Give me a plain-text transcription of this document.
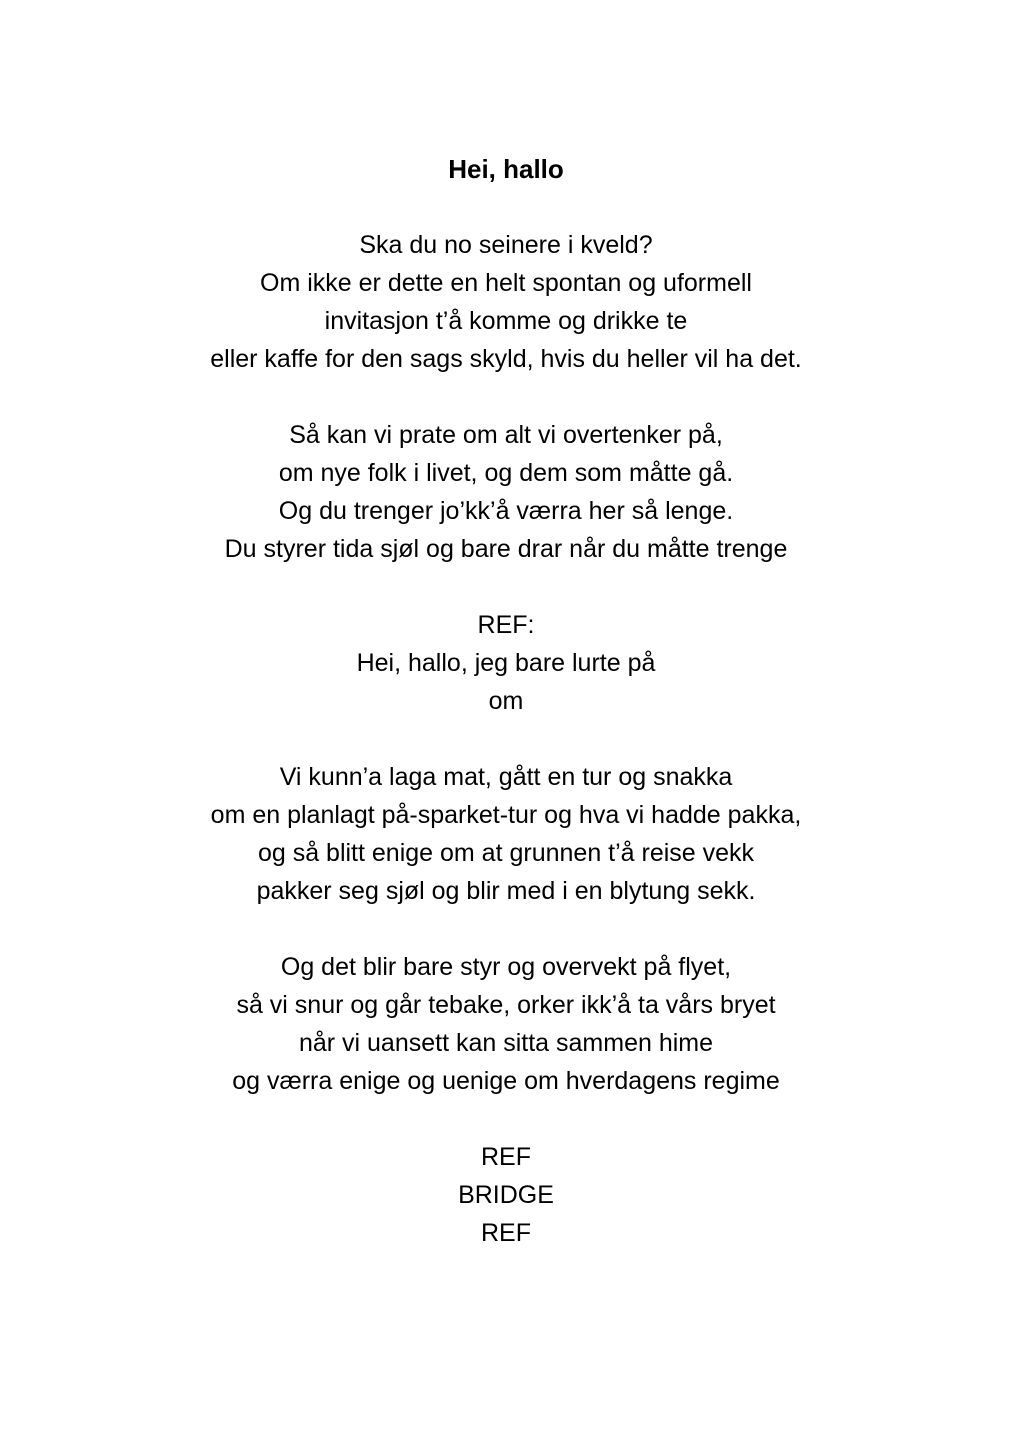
Hei, hallo

Ska du no seinere i kveld?

Om ikke er dette en helt spontan og uformell

invitasjon t’å komme og drikke te

eller kaffe for den sags skyld, hvis du heller vil ha det.

Så kan vi prate om alt vi overtenker på,

om nye folk i livet, og dem som måtte gå.

Og du trenger jo’kk’å værra her så lenge.

Du styrer tida sjøl og bare drar når du måtte trenge

REF:

Hei, hallo, jeg bare lurte på

om

Vi kunn’a laga mat, gått en tur og snakka

om en planlagt på-sparket-tur og hva vi hadde pakka,

og så blitt enige om at grunnen t’å reise vekk

pakker seg sjøl og blir med i en blytung sekk.

Og det blir bare styr og overvekt på flyet,

så vi snur og går tebake, orker ikk’å ta vårs bryet

når vi uansett kan sitta sammen hime

og værra enige og uenige om hverdagens regime

REF

BRIDGE

REF
